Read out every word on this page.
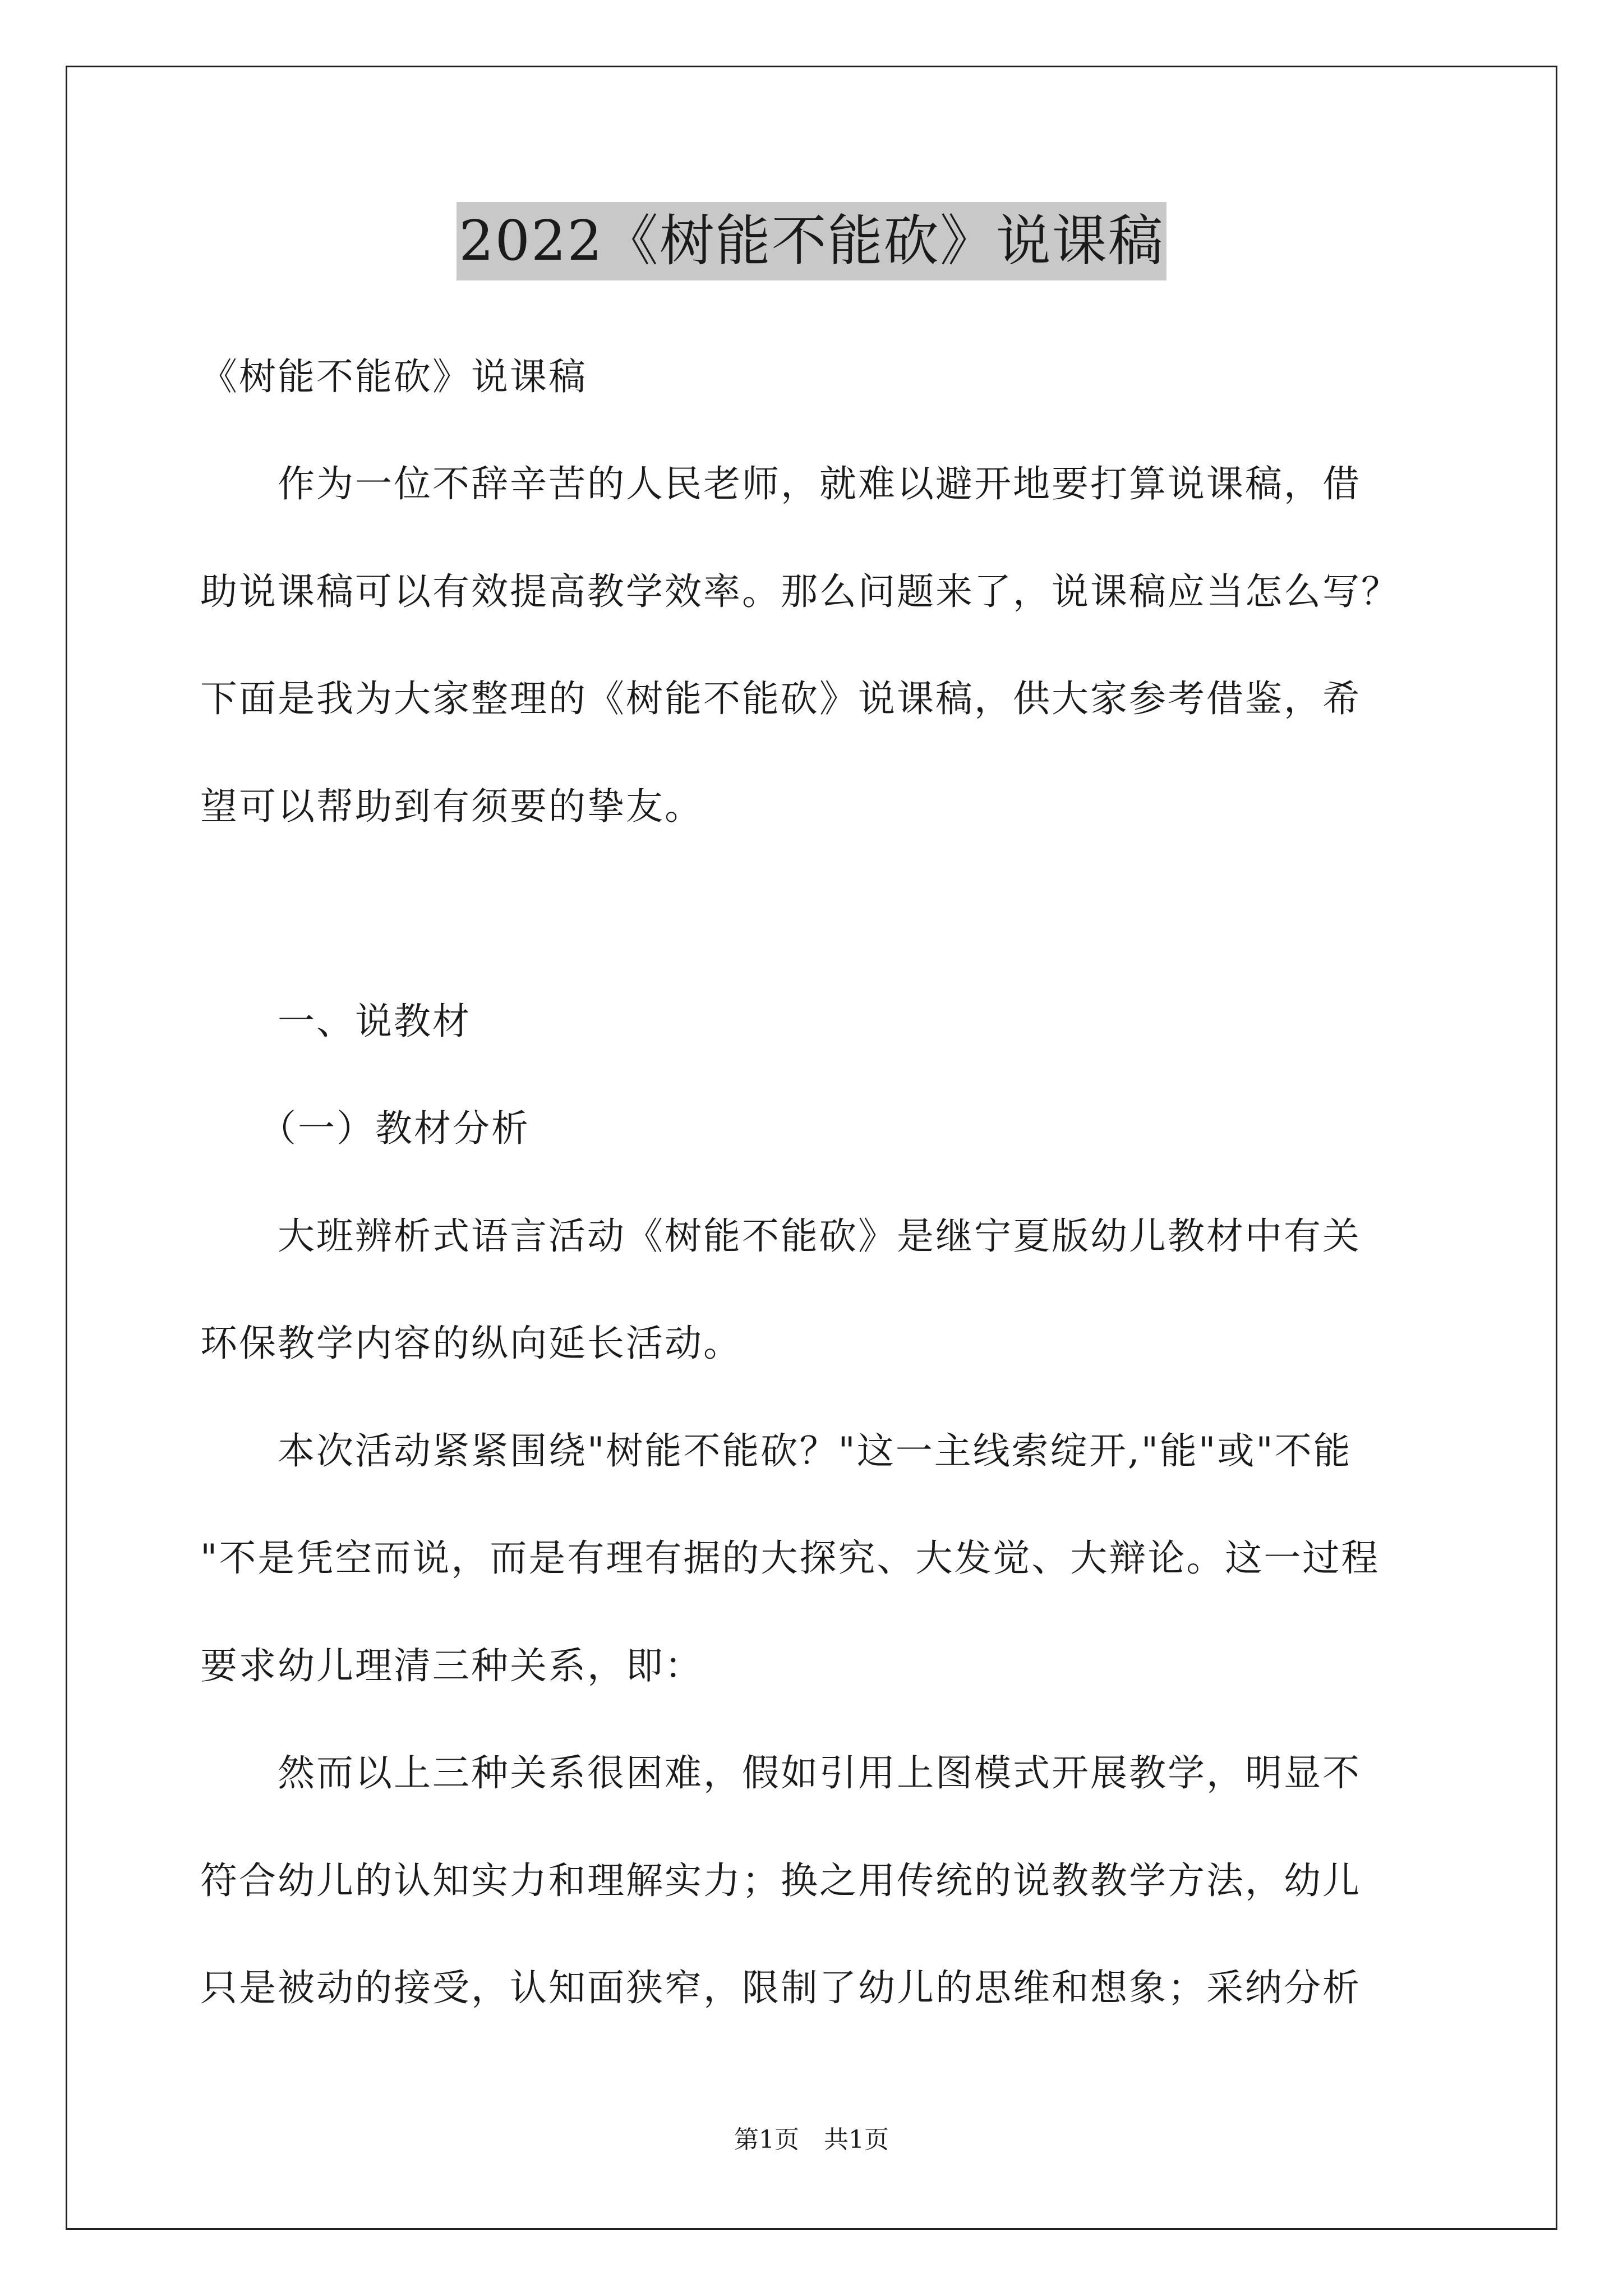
2022《树能不能砍》说课稿
《树能不能砍》说课稿
　　作为一位不辞辛苦的人民老师，就难以避开地要打算说课稿，借
助说课稿可以有效提高教学效率。那么问题来了，说课稿应当怎么写？
下面是我为大家整理的《树能不能砍》说课稿，供大家参考借鉴，希
望可以帮助到有须要的挚友。
　　一、说教材
　　（一）教材分析
　　大班辨析式语言活动《树能不能砍》是继宁夏版幼儿教材中有关
环保教学内容的纵向延长活动。
　　本次活动紧紧围绕"树能不能砍？"这一主线索绽开,"能"或"不能
"不是凭空而说，而是有理有据的大探究、大发觉、大辩论。这一过程
要求幼儿理清三种关系，即：
　　然而以上三种关系很困难，假如引用上图模式开展教学，明显不
符合幼儿的认知实力和理解实力；换之用传统的说教教学方法，幼儿
只是被动的接受，认知面狭窄，限制了幼儿的思维和想象；采纳分析
第1页 共1页
